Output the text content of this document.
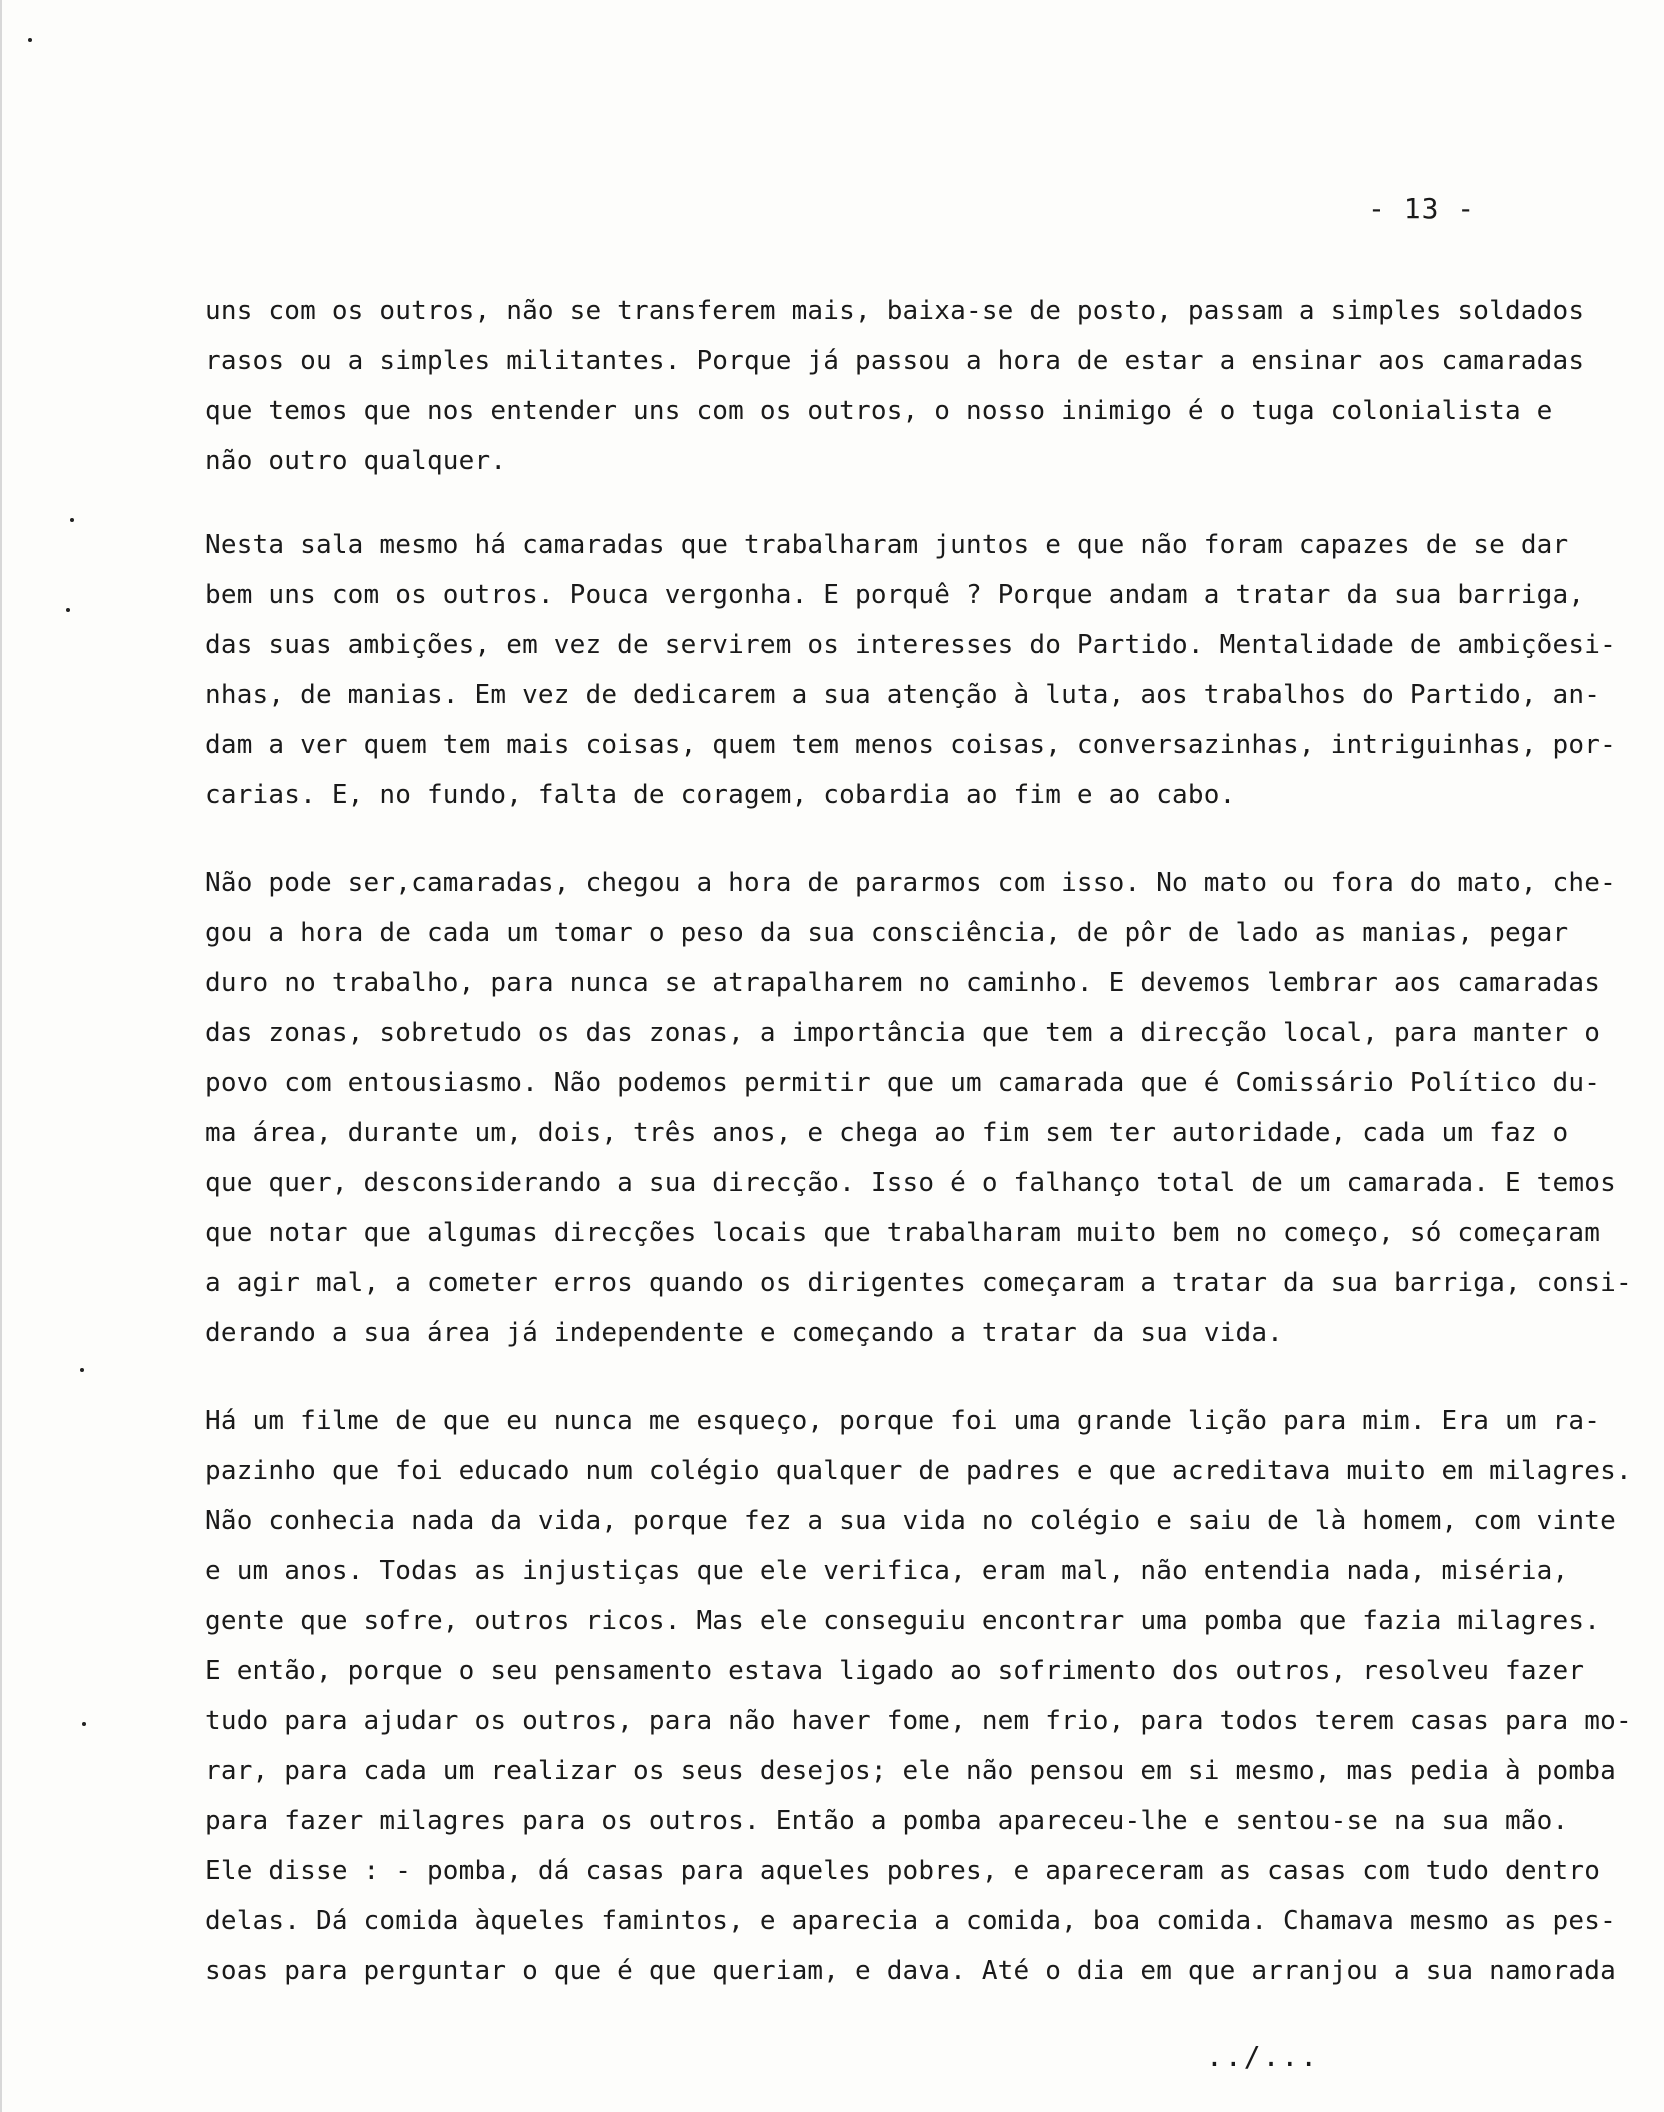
- 13 -
uns com os outros, não se transferem mais, baixa-se de posto, passam a simples soldados
rasos ou a simples militantes. Porque já passou a hora de estar a ensinar aos camaradas
que temos que nos entender uns com os outros, o nosso inimigo é o tuga colonialista e
não outro qualquer.
Nesta sala mesmo há camaradas que trabalharam juntos e que não foram capazes de se dar
bem uns com os outros. Pouca vergonha. E porquê ? Porque andam a tratar da sua barriga,
das suas ambições, em vez de servirem os interesses do Partido. Mentalidade de ambiçõesi-
nhas, de manias. Em vez de dedicarem a sua atenção à luta, aos trabalhos do Partido, an-
dam a ver quem tem mais coisas, quem tem menos coisas, conversazinhas, intriguinhas, por-
carias. E, no fundo, falta de coragem, cobardia ao fim e ao cabo.
Não pode ser,camaradas, chegou a hora de pararmos com isso. No mato ou fora do mato, che-
gou a hora de cada um tomar o peso da sua consciência, de pôr de lado as manias, pegar
duro no trabalho, para nunca se atrapalharem no caminho. E devemos lembrar aos camaradas
das zonas, sobretudo os das zonas, a importância que tem a direcção local, para manter o
povo com entousiasmo. Não podemos permitir que um camarada que é Comissário Político du-
ma área, durante um, dois, três anos, e chega ao fim sem ter autoridade, cada um faz o
que quer, desconsiderando a sua direcção. Isso é o falhanço total de um camarada. E temos
que notar que algumas direcções locais que trabalharam muito bem no começo, só começaram
a agir mal, a cometer erros quando os dirigentes começaram a tratar da sua barriga, consi-
derando a sua área já independente e começando a tratar da sua vida.
Há um filme de que eu nunca me esqueço, porque foi uma grande lição para mim. Era um ra-
pazinho que foi educado num colégio qualquer de padres e que acreditava muito em milagres.
Não conhecia nada da vida, porque fez a sua vida no colégio e saiu de là homem, com vinte
e um anos. Todas as injustiças que ele verifica, eram mal, não entendia nada, miséria,
gente que sofre, outros ricos. Mas ele conseguiu encontrar uma pomba que fazia milagres.
E então, porque o seu pensamento estava ligado ao sofrimento dos outros, resolveu fazer
tudo para ajudar os outros, para não haver fome, nem frio, para todos terem casas para mo-
rar, para cada um realizar os seus desejos; ele não pensou em si mesmo, mas pedia à pomba
para fazer milagres para os outros. Então a pomba apareceu-lhe e sentou-se na sua mão.
Ele disse : - pomba, dá casas para aqueles pobres, e apareceram as casas com tudo dentro
delas. Dá comida àqueles famintos, e aparecia a comida, boa comida. Chamava mesmo as pes-
soas para perguntar o que é que queriam, e dava. Até o dia em que arranjou a sua namorada
../...
